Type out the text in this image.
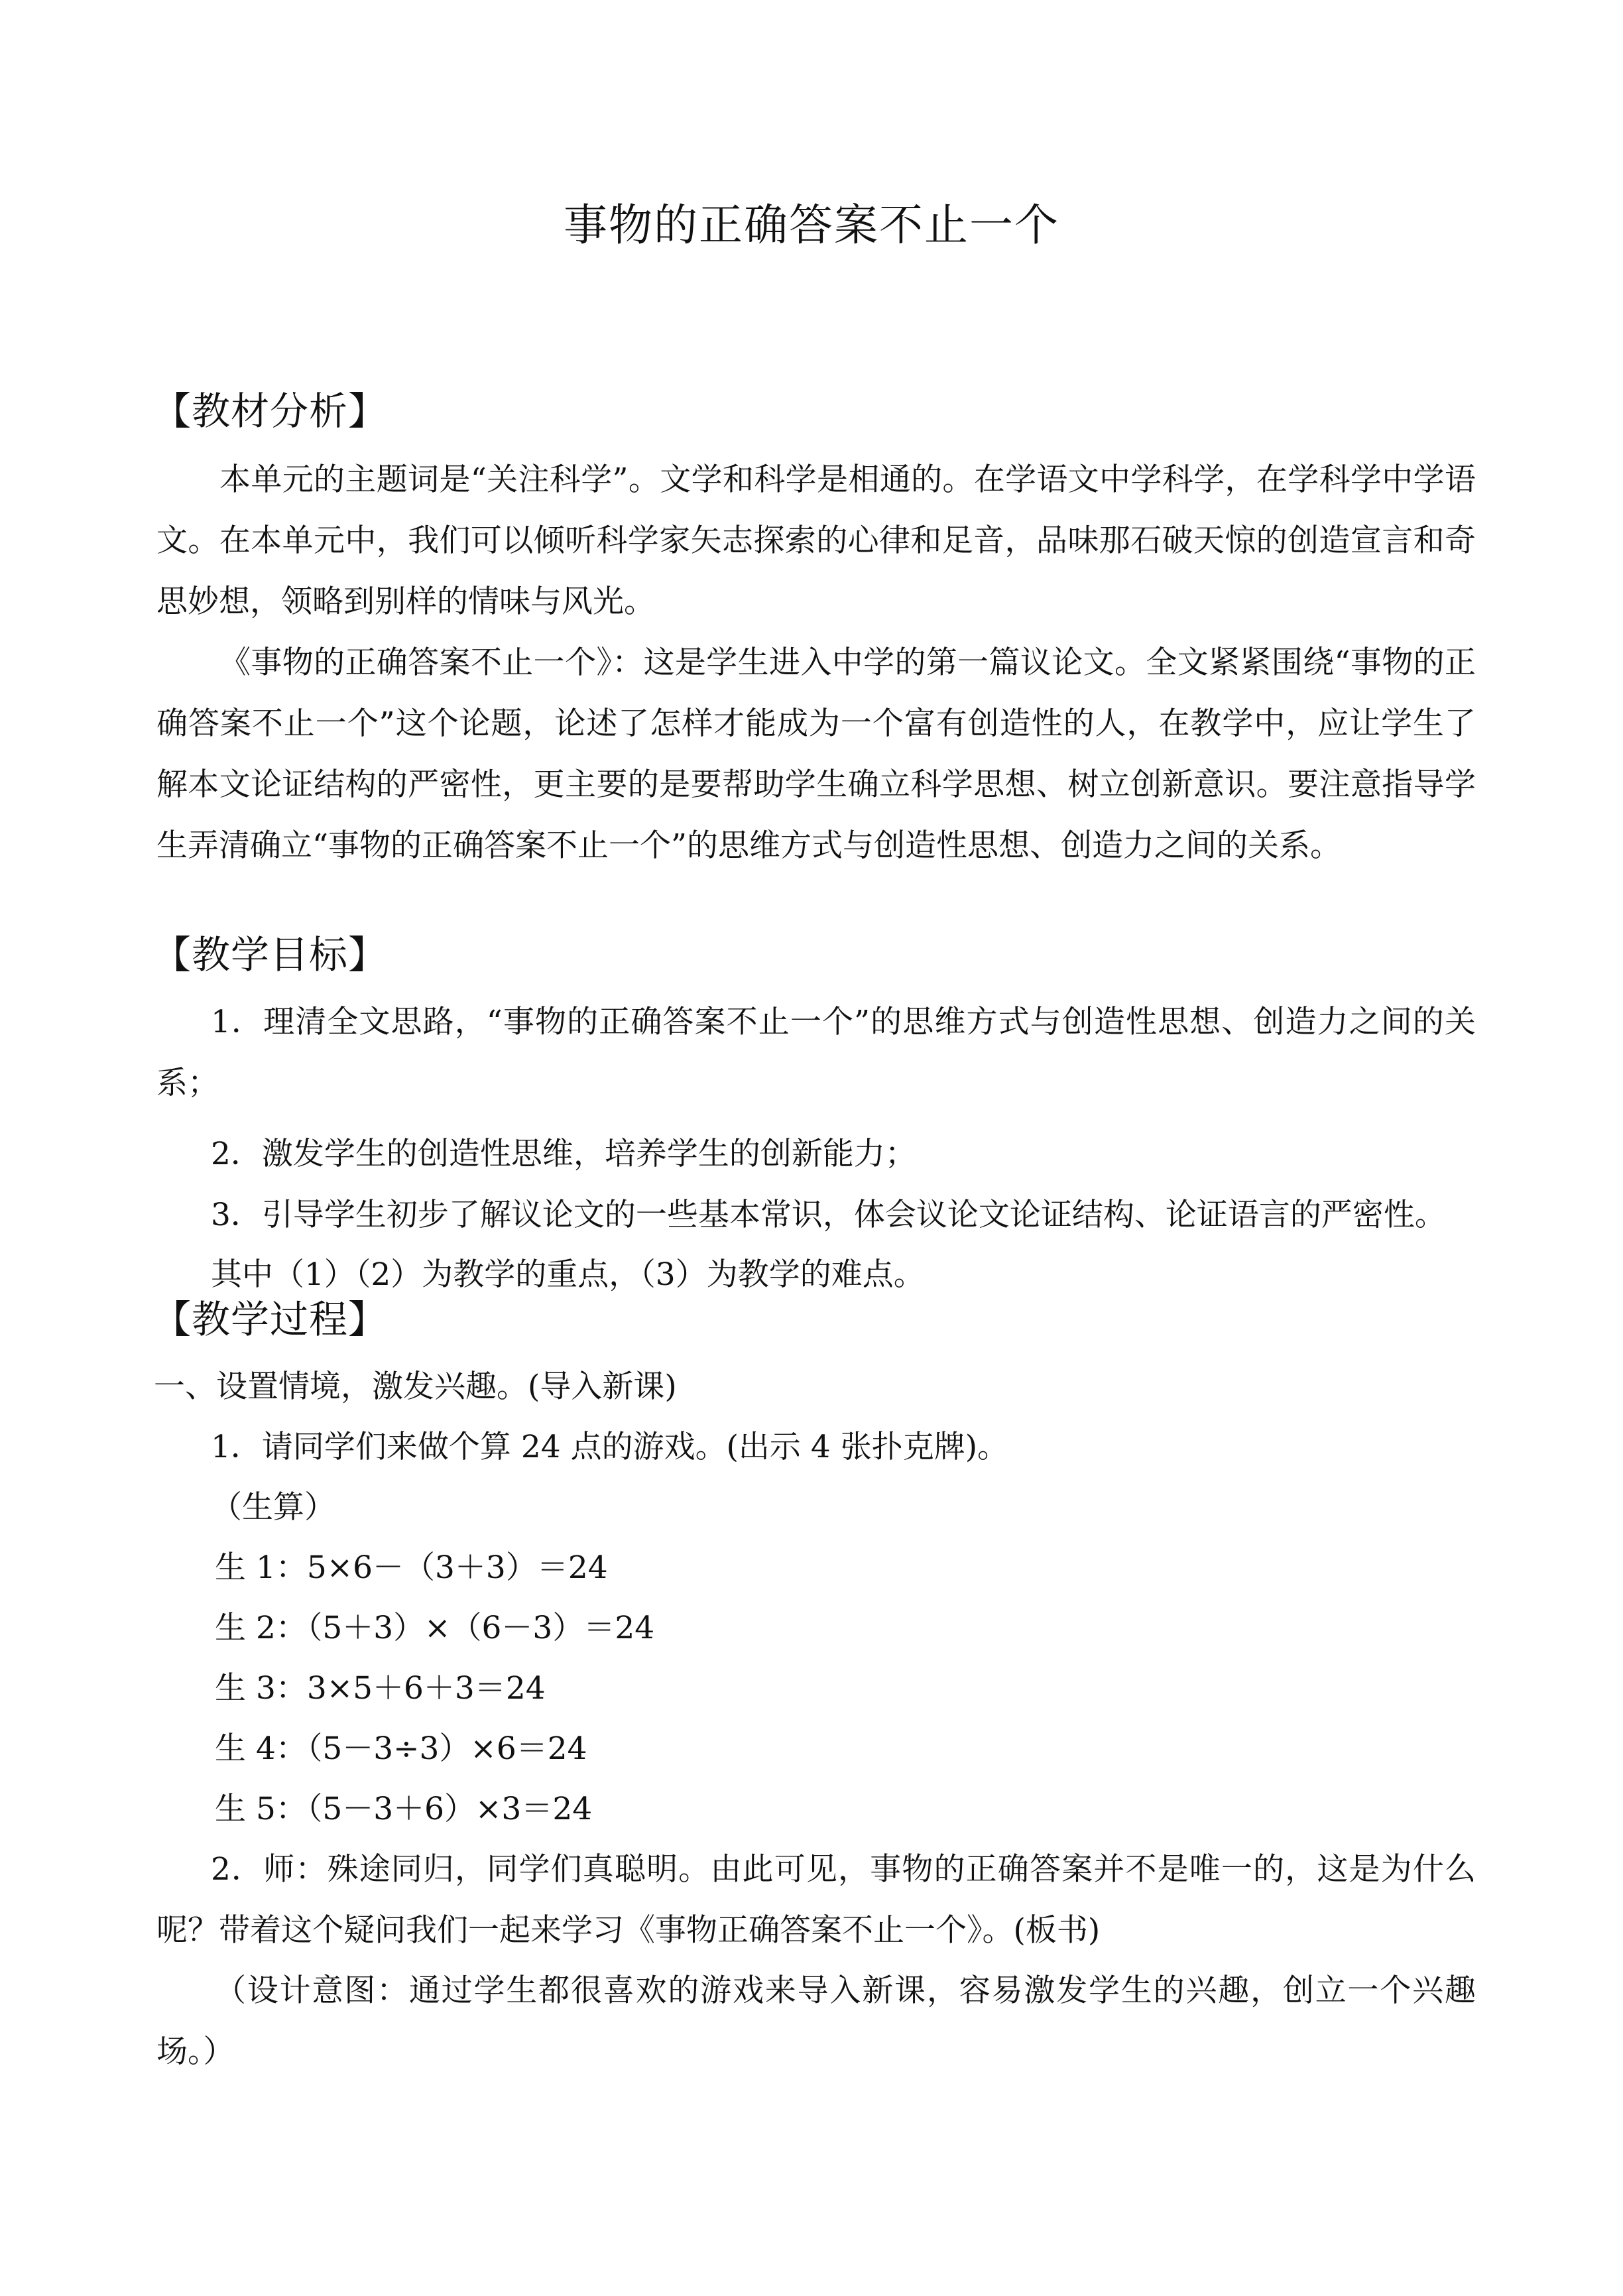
事物的正确答案不止一个
【教材分析】

本单元的主题词是“关注科学”。文学和科学是相通的。在学语文中学科学，在学科学中学语文。在本单元中，我们可以倾听科学家矢志探索的心律和足音，品味那石破天惊的创造宣言和奇思妙想，领略到别样的情味与风光。

《事物的正确答案不止一个》：这是学生进入中学的第一篇议论文。全文紧紧围绕“事物的正确答案不止一个”这个论题，论述了怎样才能成为一个富有创造性的人，在教学中，应让学生了解本文论证结构的严密性，更主要的是要帮助学生确立科学思想、树立创新意识。要注意指导学生弄清确立“事物的正确答案不止一个”的思维方式与创造性思想、创造力之间的关系。

【教学目标】

1．理清全文思路，“事物的正确答案不止一个”的思维方式与创造性思想、创造力之间的关系；

2．激发学生的创造性思维，培养学生的创新能力；

3．引导学生初步了解议论文的一些基本常识，体会议论文论证结构、论证语言的严密性。

其中（1）（2）为教学的重点，（3）为教学的难点。

【教学过程】

一、设置情境，激发兴趣。(导入新课)

1．请同学们来做个算 24 点的游戏。(出示 4 张扑克牌)。

（生算）

生 1：5×6－（3＋3）＝24

生 2：（5＋3）×（6－3）＝24

生 3：3×5＋6＋3＝24

生 4：（5－3÷3）×6＝24

生 5：（5－3＋6）×3＝24

2．师：殊途同归，同学们真聪明。由此可见，事物的正确答案并不是唯一的，这是为什么呢？带着这个疑问我们一起来学习《事物正确答案不止一个》。(板书)

（设计意图：通过学生都很喜欢的游戏来导入新课，容易激发学生的兴趣，创立一个兴趣场。）
